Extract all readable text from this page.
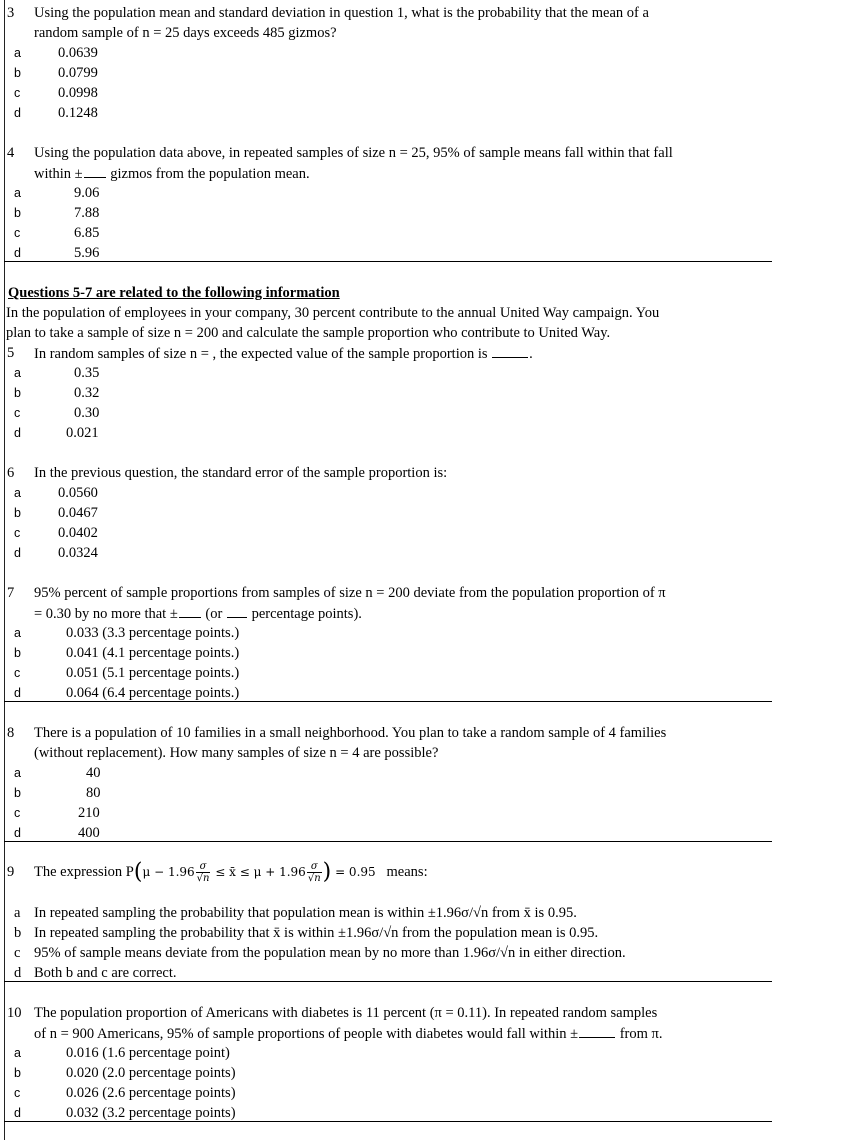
3 Using the population mean and standard deviation in question 1, what is the probability that the mean of a
random sample of n = 25 days exceeds 485 gizmos?
a	0.0639
b	0.0799
c	0.0998
d	0.1248
4 Using the population data above, in repeated samples of size n = 25, 95% of sample means fall within that fall
within ± gizmos from the population mean.
a	9.06
b	7.88
c	6.85
d	5.96
Questions 5-7 are related to the following information
In the population of employees in your company, 30 percent contribute to the annual United Way campaign. You
plan to take a sample of size n = 200 and calculate the sample proportion who contribute to United Way.
5 In random samples of size n = , the expected value of the sample proportion is	.
a	0.35
b	0.32
c	0.30
d	0.021
6 In the previous question, the standard error of the sample proportion is:
a	0.0560
b	0.0467
c	0.0402
d	0.0324
7 95% percent of sample proportions from samples of size n = 200 deviate from the population proportion of π
= 0.30 by no more that ± (or  percentage points).
a	0.033 (3.3 percentage points.)
b	0.041 (4.1 percentage points.)
c	0.051 (5.1 percentage points.)
d	0.064 (6.4 percentage points.)
8 There is a population of 10 families in a small neighborhood. You plan to take a random sample of 4 families
(without replacement). How many samples of size n = 4 are possible?
a	40
b	80
c	210
d	400
9 The expression $P(\mu - 1.96 \frac{\sigma}{√n}$ ≤ x̄ ≤ $\mu + 1.96 \frac{\sigma}{√n}$ ) = 0.95 means:
a In repeated sampling the probability that population mean is within ±1.96σ/√n from x̄ is 0.95.
b In repeated sampling the probability that x̄ is within ±1.96σ/√n from the population mean is 0.95.
c 95% of sample means deviate from the population mean by no more than 1.96σ/√n in either direction.
d Both b and c are correct.
10 The population proportion of Americans with diabetes is 11 percent (π = 0.11). In repeated random samples
of n = 900 Americans, 95% of sample proportions of people with diabetes would fall within ±	from π.
a	0.016 (1.6 percentage point)
b	0.020 (2.0 percentage points)
c	0.026 (2.6 percentage points)
d	0.032 (3.2 percentage points)
